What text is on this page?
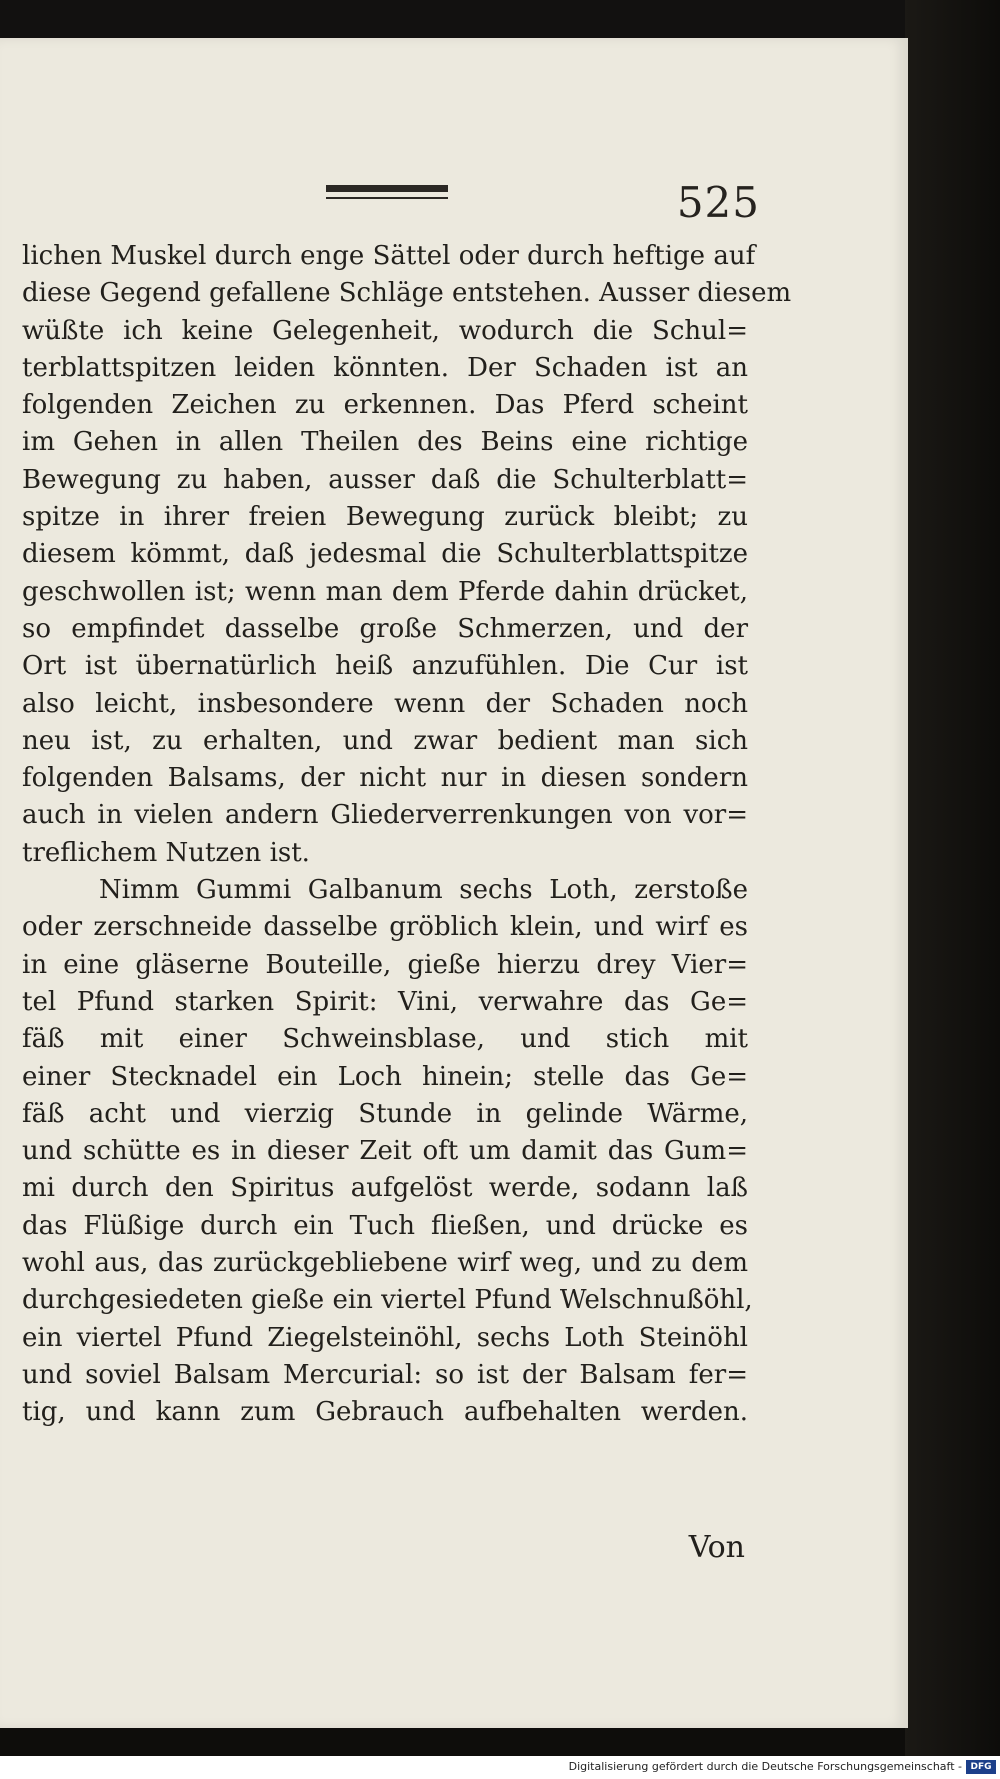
525
lichen Muskel durch enge Sättel oder durch heftige auf
diese Gegend gefallene Schläge entstehen. Ausser diesem
wüßte ich keine Gelegenheit, wodurch die Schul=
terblattspitzen leiden könnten. Der Schaden ist an
folgenden Zeichen zu erkennen. Das Pferd scheint
im Gehen in allen Theilen des Beins eine richtige
Bewegung zu haben, ausser daß die Schulterblatt=
spitze in ihrer freien Bewegung zurück bleibt; zu
diesem kömmt, daß jedesmal die Schulterblattspitze
geschwollen ist; wenn man dem Pferde dahin drücket,
so empfindet dasselbe große Schmerzen, und der
Ort ist übernatürlich heiß anzufühlen. Die Cur ist
also leicht, insbesondere wenn der Schaden noch
neu ist, zu erhalten, und zwar bedient man sich
folgenden Balsams, der nicht nur in diesen sondern
auch in vielen andern Gliederverrenkungen von vor=
treflichem Nutzen ist.
Nimm Gummi Galbanum sechs Loth, zerstoße
oder zerschneide dasselbe gröblich klein, und wirf es
in eine gläserne Bouteille, gieße hierzu drey Vier=
tel Pfund starken Spirit: Vini, verwahre das Ge=
fäß mit einer Schweinsblase, und stich mit
einer Stecknadel ein Loch hinein; stelle das Ge=
fäß acht und vierzig Stunde in gelinde Wärme,
und schütte es in dieser Zeit oft um damit das Gum=
mi durch den Spiritus aufgelöst werde, sodann laß
das Flüßige durch ein Tuch fließen, und drücke es
wohl aus, das zurückgebliebene wirf weg, und zu dem
durchgesiedeten gieße ein viertel Pfund Welschnußöhl,
ein viertel Pfund Ziegelsteinöhl, sechs Loth Steinöhl
und soviel Balsam Mercurial: so ist der Balsam fer=
tig, und kann zum Gebrauch aufbehalten werden.
Von
Digitalisierung gefördert durch die Deutsche Forschungsgemeinschaft - DFG
